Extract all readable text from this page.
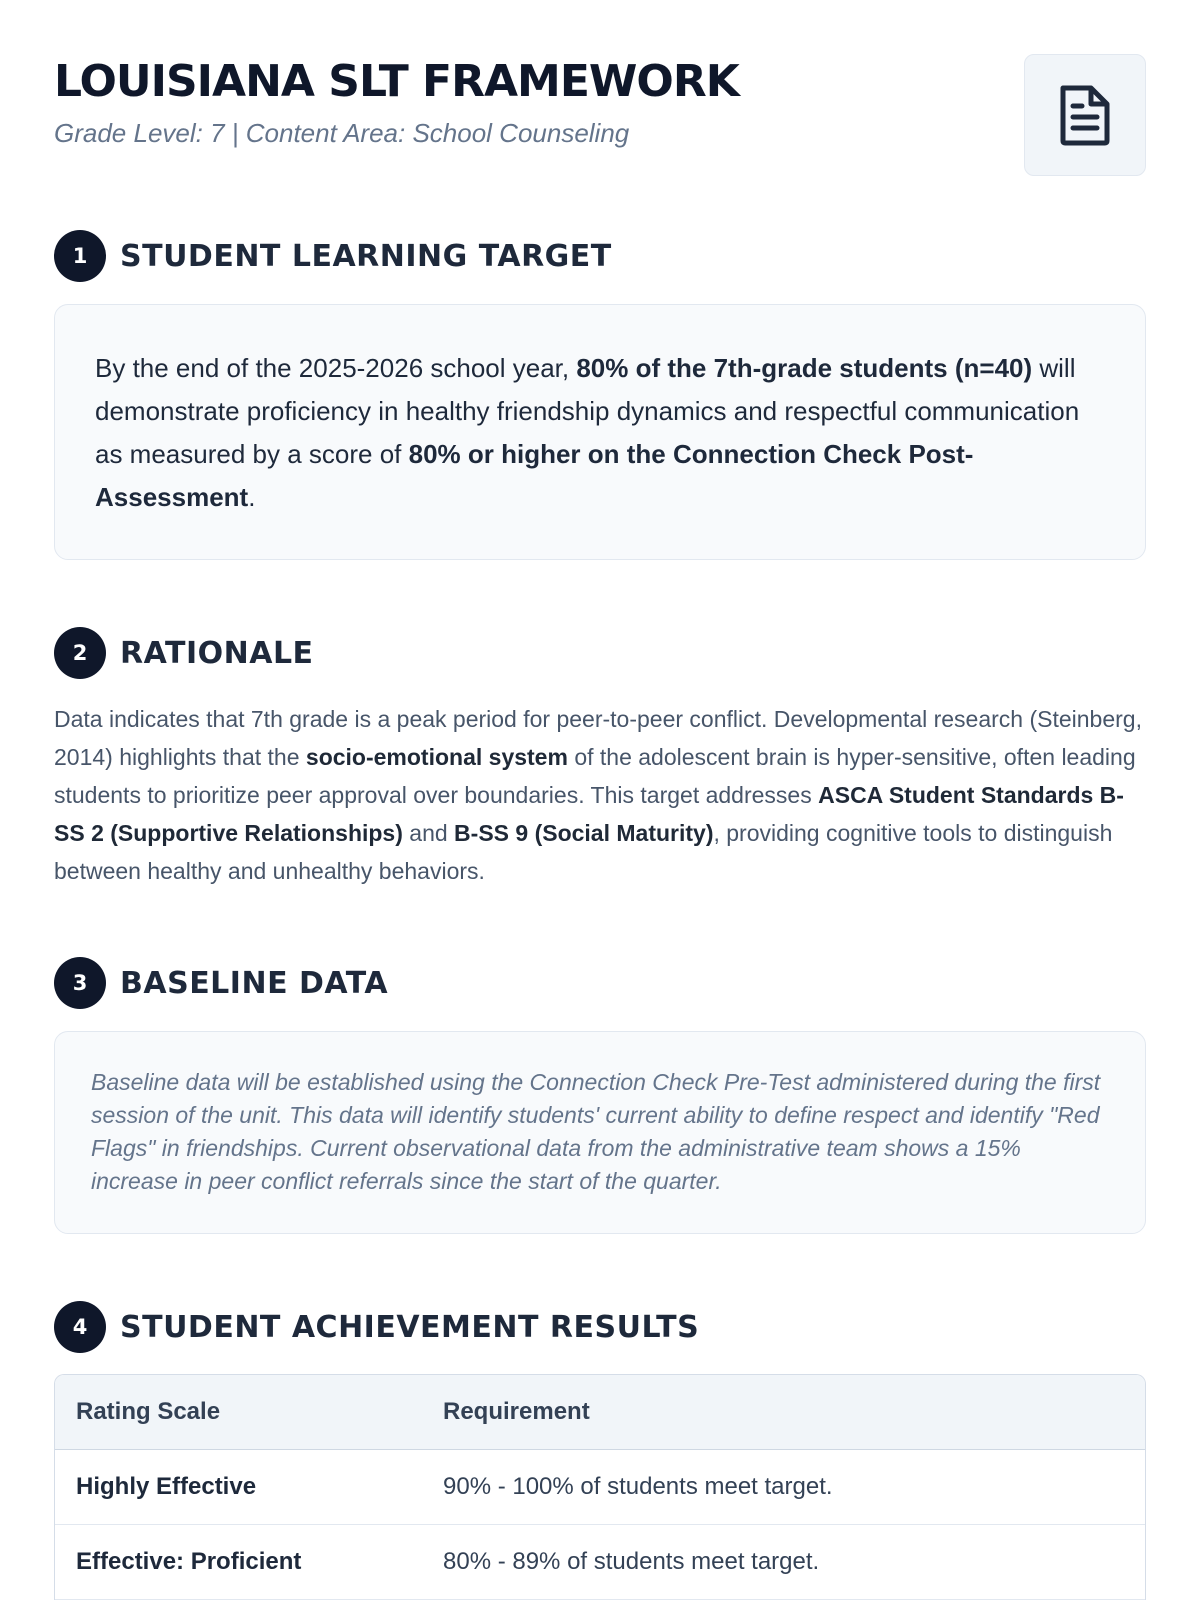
LOUISIANA SLT FRAMEWORK
Grade Level: 7 | Content Area: School Counseling
1	STUDENT LEARNING TARGET

By the end of the 2025-2026 school year, 80% of the 7th-grade students (n=40) will demonstrate proficiency in healthy friendship dynamics and respectful communication as measured by a score of 80% or higher on the Connection Check Post-Assessment.

2	RATIONALE

Data indicates that 7th grade is a peak period for peer-to-peer conflict. Developmental research (Steinberg, 2014) highlights that the socio-emotional system of the adolescent brain is hyper-sensitive, often leading students to prioritize peer approval over boundaries. This target addresses ASCA Student Standards B-SS 2 (Supportive Relationships) and B-SS 9 (Social Maturity), providing cognitive tools to distinguish between healthy and unhealthy behaviors.

3	BASELINE DATA

Baseline data will be established using the Connection Check Pre-Test administered during the first session of the unit. This data will identify students' current ability to define respect and identify "Red Flags" in friendships. Current observational data from the administrative team shows a 15% increase in peer conflict referrals since the start of the quarter.

4	STUDENT ACHIEVEMENT RESULTS
Rating Scale	Requirement
Highly Effective	90% - 100% of students meet target.
Effective: Proficient	80% - 89% of students meet target.
